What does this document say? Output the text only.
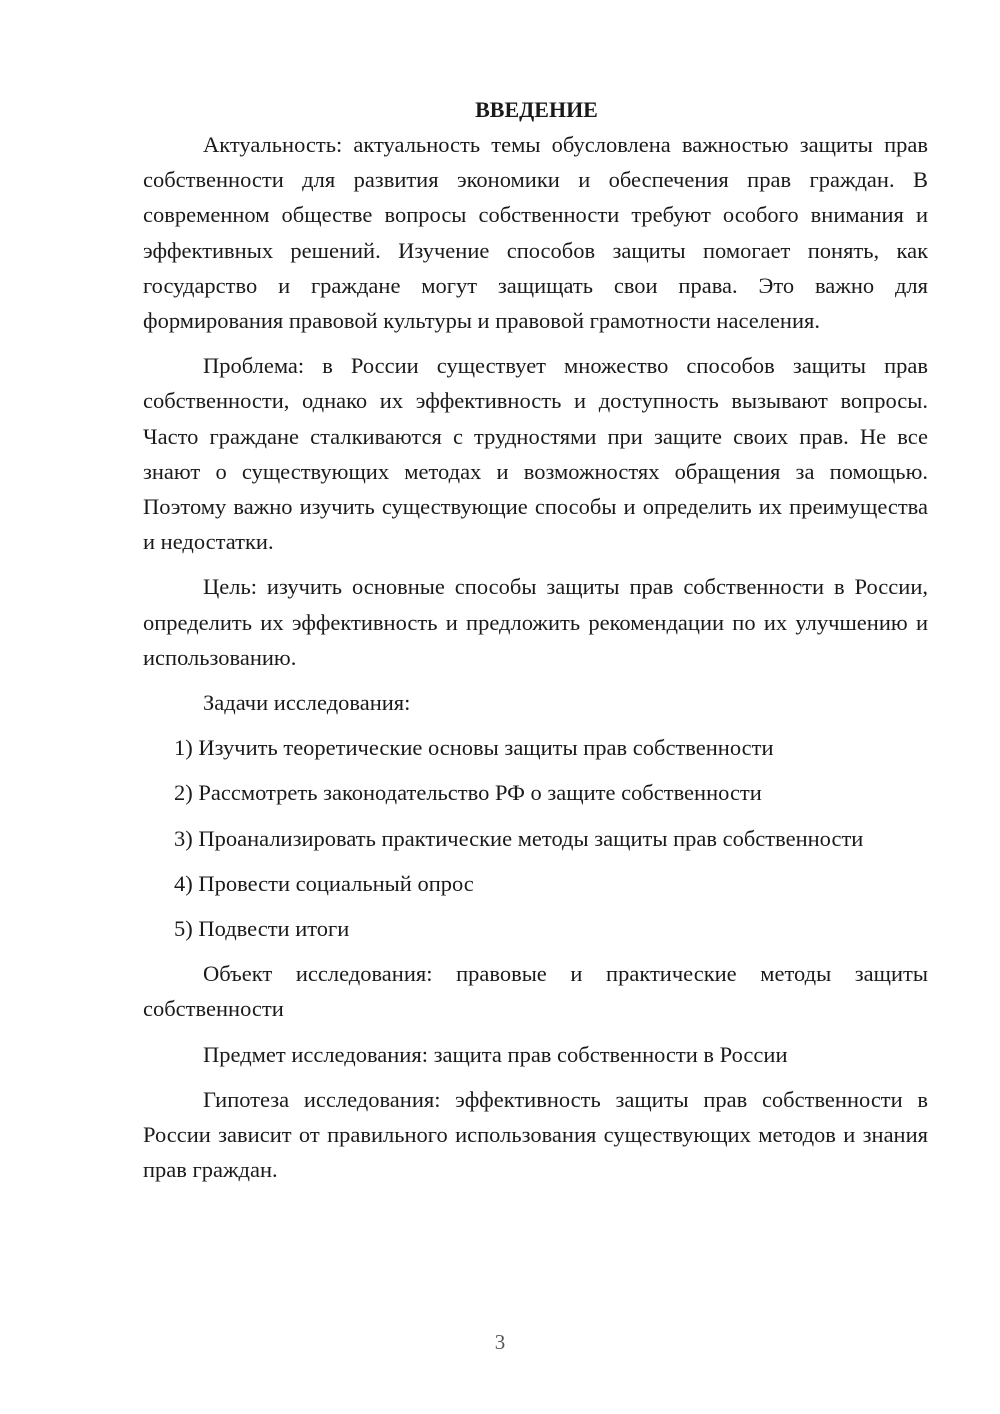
ВВЕДЕНИЕ

Актуальность: актуальность темы обусловлена важностью защиты прав собственности для развития экономики и обеспечения прав граждан. В современном обществе вопросы собственности требуют особого внимания и эффективных решений. Изучение способов защиты помогает понять, как государство и граждане могут защищать свои права. Это важно для формирования правовой культуры и правовой грамотности населения.

Проблема: в России существует множество способов защиты прав собственности, однако их эффективность и доступность вызывают вопросы. Часто граждане сталкиваются с трудностями при защите своих прав. Не все знают о существующих методах и возможностях обращения за помощью. Поэтому важно изучить существующие способы и определить их преимущества и недостатки.

Цель: изучить основные способы защиты прав собственности в России, определить их эффективность и предложить рекомендации по их улучшению и использованию.

Задачи исследования:

1) Изучить теоретические основы защиты прав собственности

2) Рассмотреть законодательство РФ о защите собственности

3) Проанализировать практические методы защиты прав собственности

4) Провести социальный опрос

5) Подвести итоги

Объект исследования: правовые и практические методы защиты собственности

Предмет исследования: защита прав собственности в России

Гипотеза исследования: эффективность защиты прав собственности в России зависит от правильного использования существующих методов и знания прав граждан.

3
